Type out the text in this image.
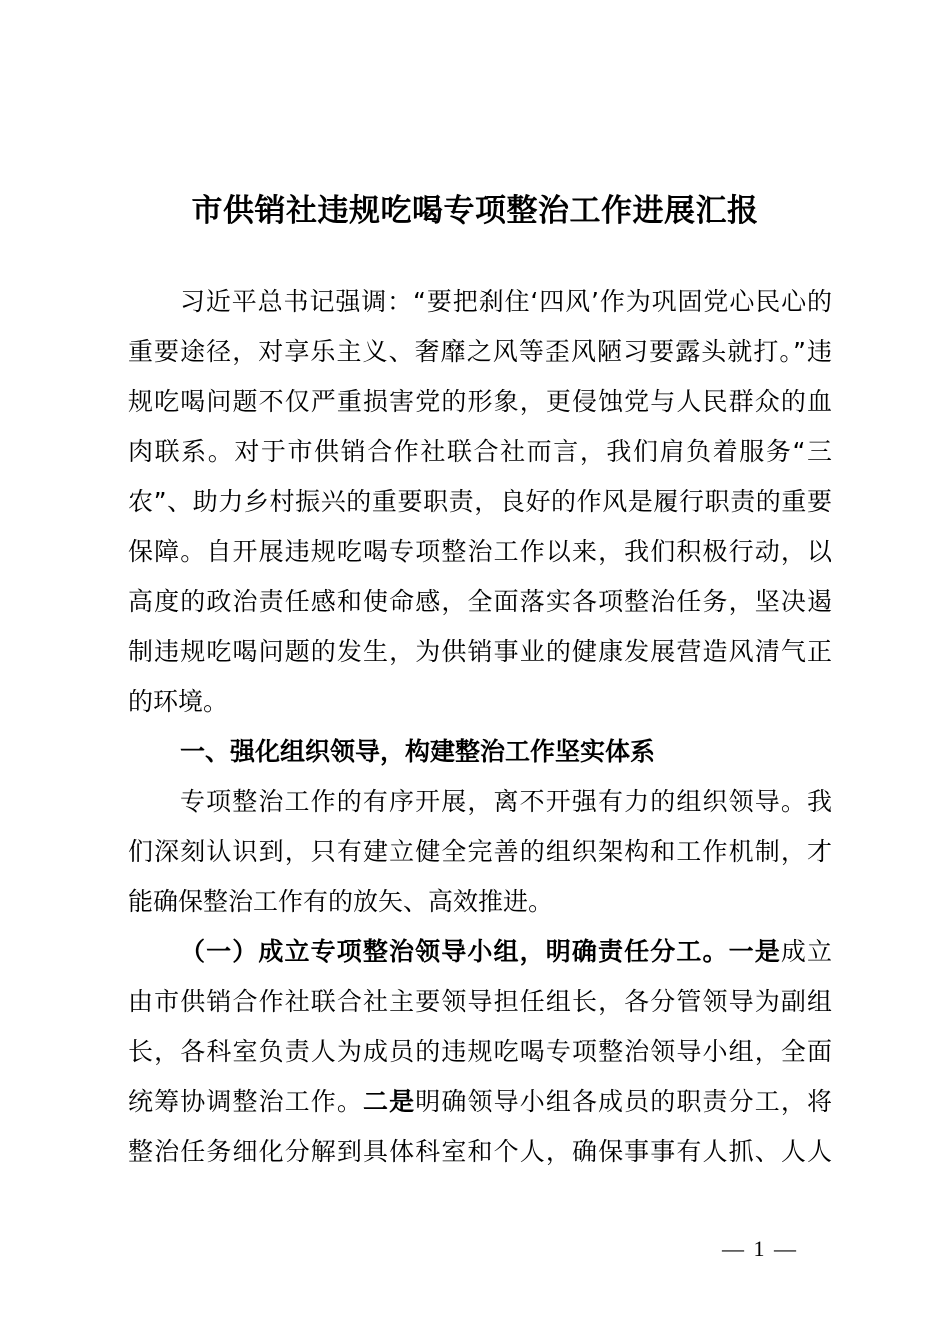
市供销社违规吃喝专项整治工作进展汇报
习近平总书记强调：“要把刹住‘四风’作为巩固党心民心的
重要途径，对享乐主义、奢靡之风等歪风陋习要露头就打。”违
规吃喝问题不仅严重损害党的形象，更侵蚀党与人民群众的血
肉联系。对于市供销合作社联合社而言，我们肩负着服务“三
农”、助力乡村振兴的重要职责，良好的作风是履行职责的重要
保障。自开展违规吃喝专项整治工作以来，我们积极行动，以
高度的政治责任感和使命感，全面落实各项整治任务，坚决遏
制违规吃喝问题的发生，为供销事业的健康发展营造风清气正
的环境。
一、强化组织领导，构建整治工作坚实体系
专项整治工作的有序开展，离不开强有力的组织领导。我
们深刻认识到，只有建立健全完善的组织架构和工作机制，才
能确保整治工作有的放矢、高效推进。
（一）成立专项整治领导小组，明确责任分工。一是成立
由市供销合作社联合社主要领导担任组长，各分管领导为副组
长，各科室负责人为成员的违规吃喝专项整治领导小组，全面
统筹协调整治工作。二是明确领导小组各成员的职责分工，将
整治任务细化分解到具体科室和个人，确保事事有人抓、人人
— 1 —
